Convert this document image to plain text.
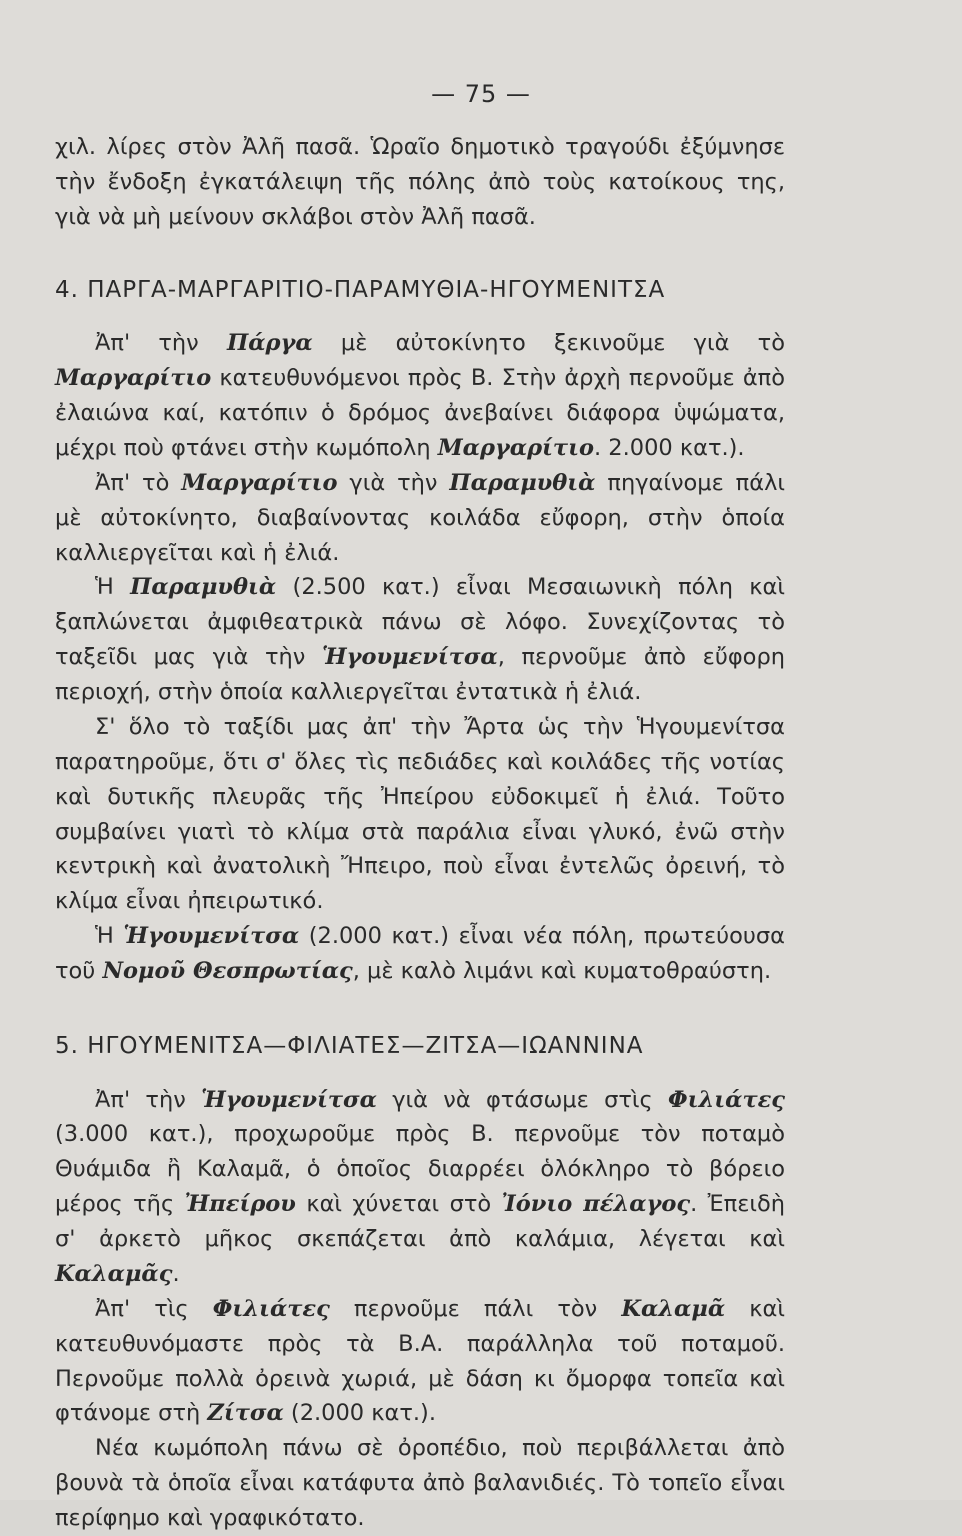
— 75 —

χιλ. λίρες στὸν Ἀλῆ πασᾶ. Ὡραῖο δημοτικὸ τραγούδι ἐξύμνησε τὴν ἔνδοξη ἐγκατάλειψη τῆς πόλης ἀπὸ τοὺς κατοίκους της, γιὰ νὰ μὴ μείνουν σκλάβοι στὸν Ἀλῆ πασᾶ.

4. ΠΑΡΓΑ-ΜΑΡΓΑΡΙΤΙΟ-ΠΑΡΑΜΥΘΙΑ-ΗΓΟΥΜΕΝΙΤΣΑ

Ἀπ' τὴν Πάργα μὲ αὐτοκίνητο ξεκινοῦμε γιὰ τὸ Μαργαρίτιο κατευθυνόμενοι πρὸς Β. Στὴν ἀρχὴ περνοῦμε ἀπὸ ἐλαιώνα καί, κατόπιν ὁ δρόμος ἀνεβαίνει διάφορα ὑψώματα, μέχρι ποὺ φτάνει στὴν κωμόπολη Μαργαρίτιο. 2.000 κατ.).

Ἀπ' τὸ Μαργαρίτιο γιὰ τὴν Παραμυθιὰ πηγαίνομε πάλι μὲ αὐτοκίνητο, διαβαίνοντας κοιλάδα εὔφορη, στὴν ὁποία καλλιεργεῖται καὶ ἡ ἐλιά.

Ἡ Παραμυθιὰ (2.500 κατ.) εἶναι Μεσαιωνικὴ πόλη καὶ ξαπλώνεται ἀμφιθεατρικὰ πάνω σὲ λόφο. Συνεχίζοντας τὸ ταξεῖδι μας γιὰ τὴν Ἡγουμενίτσα, περνοῦμε ἀπὸ εὔφορη περιοχή, στὴν ὁποία καλλιεργεῖται ἐντατικὰ ἡ ἐλιά.

Σ' ὅλο τὸ ταξίδι μας ἀπ' τὴν Ἄρτα ὡς τὴν Ἡγουμενίτσα παρατηροῦμε, ὅτι σ' ὅλες τὶς πεδιάδες καὶ κοιλάδες τῆς νοτίας καὶ δυτικῆς πλευρᾶς τῆς Ἠπείρου εὐδοκιμεῖ ἡ ἐλιά. Τοῦτο συμβαίνει γιατὶ τὸ κλίμα στὰ παράλια εἶναι γλυκό, ἐνῶ στὴν κεντρικὴ καὶ ἀνατολικὴ Ἤπειρο, ποὺ εἶναι ἐντελῶς ὀρεινή, τὸ κλίμα εἶναι ἠπειρωτικό.

Ἡ Ἡγουμενίτσα (2.000 κατ.) εἶναι νέα πόλη, πρωτεύουσα τοῦ Νομοῦ Θεσπρωτίας, μὲ καλὸ λιμάνι καὶ κυματοθραύστη.

5. ΗΓΟΥΜΕΝΙΤΣΑ—ΦΙΛΙΑΤΕΣ—ΖΙΤΣΑ—ΙΩΑΝΝΙΝΑ

Ἀπ' τὴν Ἡγουμενίτσα γιὰ νὰ φτάσωμε στὶς Φιλιάτες (3.000 κατ.), προχωροῦμε πρὸς Β. περνοῦμε τὸν ποταμὸ Θυάμιδα ἢ Καλαμᾶ, ὁ ὁποῖος διαρρέει ὁλόκληρο τὸ βόρειο μέρος τῆς Ἠπείρου καὶ χύνεται στὸ Ἰόνιο πέλαγος. Ἐπειδὴ σ' ἀρκετὸ μῆκος σκεπάζεται ἀπὸ καλάμια, λέγεται καὶ Καλαμᾶς.

Ἀπ' τὶς Φιλιάτες περνοῦμε πάλι τὸν Καλαμᾶ καὶ κατευθυνόμαστε πρὸς τὰ Β.Α. παράλληλα τοῦ ποταμοῦ. Περνοῦμε πολλὰ ὀρεινὰ χωριά, μὲ δάση κι ὄμορφα τοπεῖα καὶ φτάνομε στὴ Ζίτσα (2.000 κατ.).

Νέα κωμόπολη πάνω σὲ ὀροπέδιο, ποὺ περιβάλλεται ἀπὸ βουνὰ τὰ ὁποῖα εἶναι κατάφυτα ἀπὸ βαλανιδιές. Τὸ τοπεῖο εἶναι περίφημο καὶ γραφικότατο.
